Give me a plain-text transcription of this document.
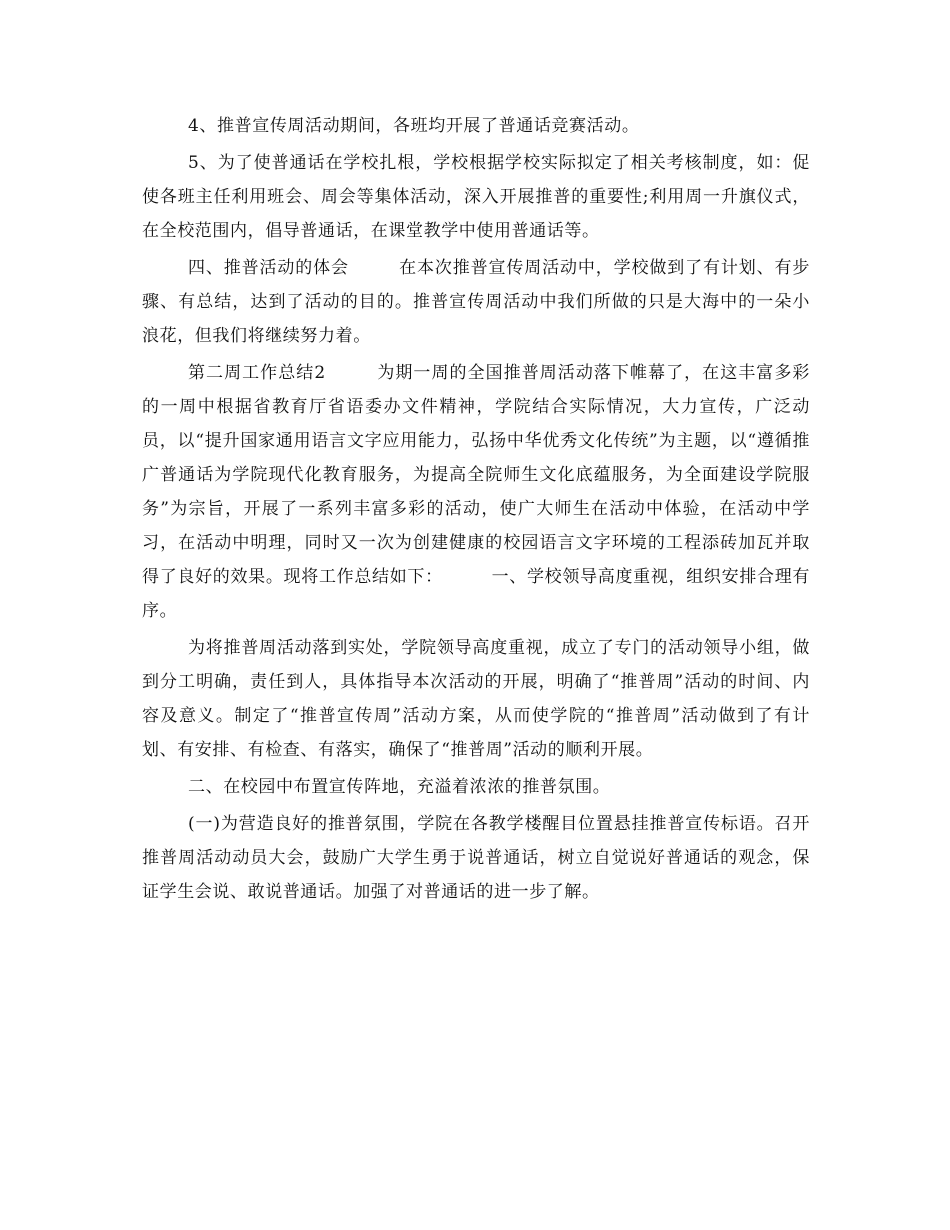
4、推普宣传周活动期间，各班均开展了普通话竞赛活动。

5、为了使普通话在学校扎根，学校根据学校实际拟定了相关考核制度，如：促使各班主任利用班会、周会等集体活动，深入开展推普的重要性;利用周一升旗仪式，在全校范围内，倡导普通话，在课堂教学中使用普通话等。

四、推普活动的体会        在本次推普宣传周活动中，学校做到了有计划、有步骤、有总结，达到了活动的目的。推普宣传周活动中我们所做的只是大海中的一朵小浪花，但我们将继续努力着。

第二周工作总结2        为期一周的全国推普周活动落下帷幕了，在这丰富多彩的一周中根据省教育厅省语委办文件精神，学院结合实际情况，大力宣传，广泛动员，以“提升国家通用语言文字应用能力，弘扬中华优秀文化传统”为主题，以“遵循推广普通话为学院现代化教育服务，为提高全院师生文化底蕴服务，为全面建设学院服务”为宗旨，开展了一系列丰富多彩的活动，使广大师生在活动中体验，在活动中学习，在活动中明理，同时又一次为创建健康的校园语言文字环境的工程添砖加瓦并取得了良好的效果。现将工作总结如下：        一、学校领导高度重视，组织安排合理有序。

为将推普周活动落到实处，学院领导高度重视，成立了专门的活动领导小组，做到分工明确，责任到人，具体指导本次活动的开展，明确了“推普周”活动的时间、内容及意义。制定了“推普宣传周”活动方案，从而使学院的“推普周”活动做到了有计划、有安排、有检查、有落实，确保了“推普周”活动的顺利开展。

二、在校园中布置宣传阵地，充溢着浓浓的推普氛围。

(一)为营造良好的推普氛围，学院在各教学楼醒目位置悬挂推普宣传标语。召开推普周活动动员大会，鼓励广大学生勇于说普通话，树立自觉说好普通话的观念，保证学生会说、敢说普通话。加强了对普通话的进一步了解。
